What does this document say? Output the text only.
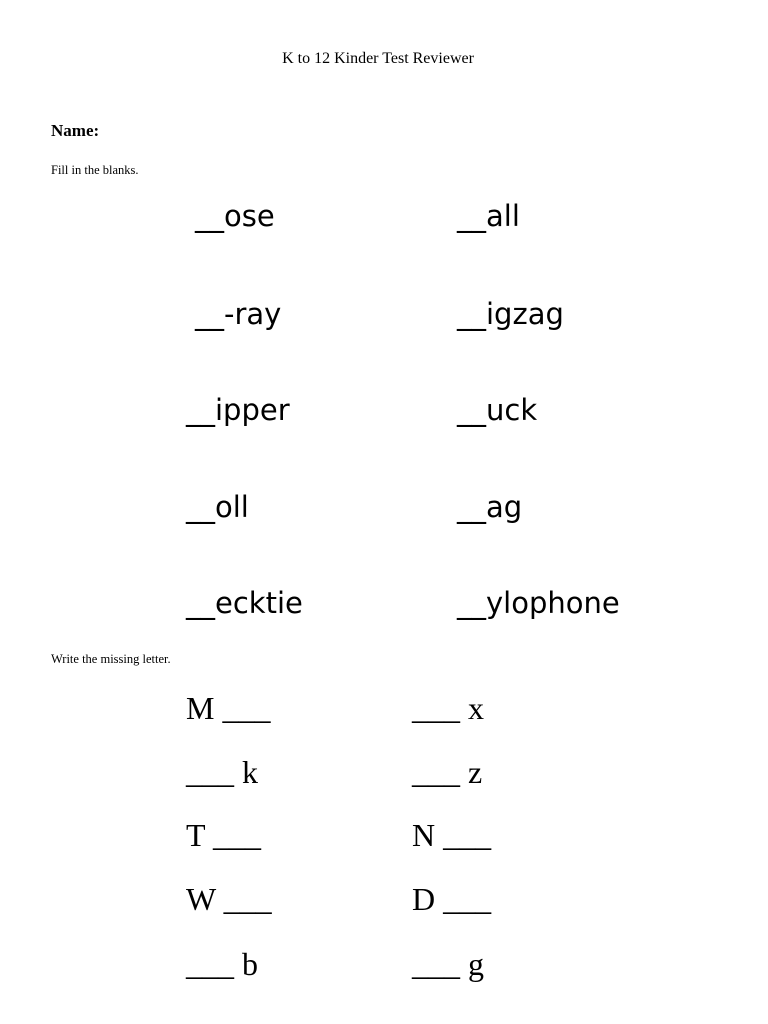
K to 12 Kinder Test Reviewer
Name:
Fill in the blanks.
__ose	__all
__-ray	__igzag
__ipper	__uck
__oll	__ag
__ecktie	__ylophone
Write the missing letter.
M ___	___ x
___ k	___ z
T ___	N ___
W ___	D ___
___ b	___ g
